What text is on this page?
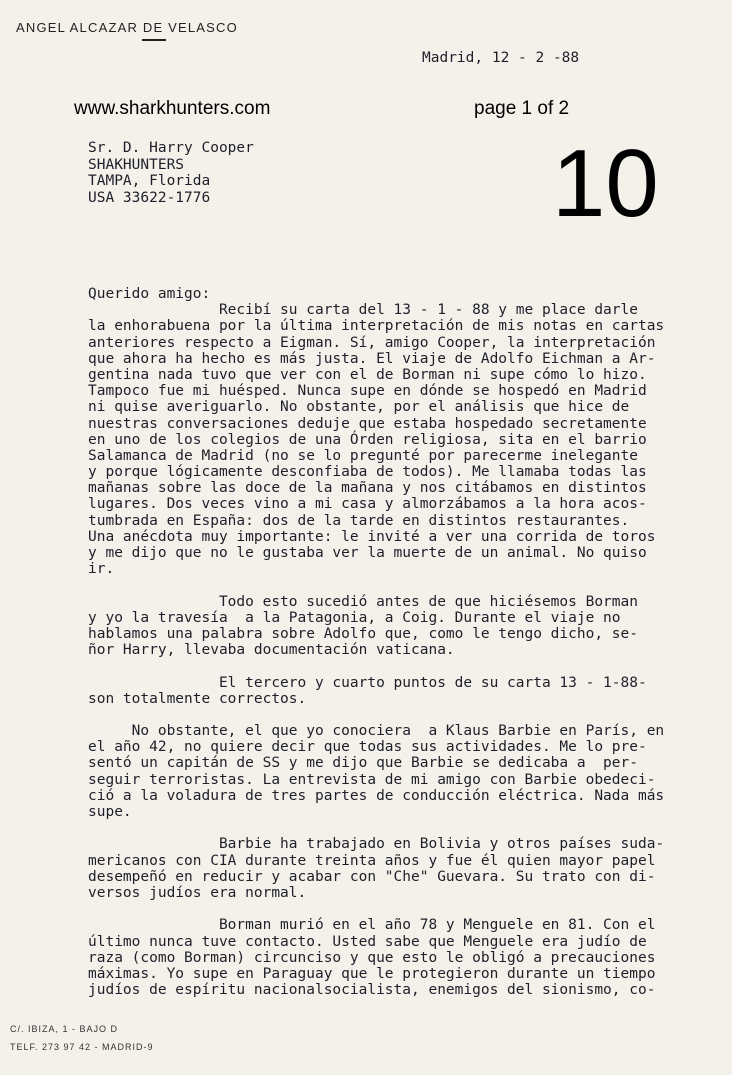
ANGEL ALCAZAR DE VELASCO
Madrid, 12 - 2 -88
www.sharkhunters.com	page 1 of 2
10
Sr. D. Harry Cooper
SHAKHUNTERS
TAMPA, Florida
USA 33622-1776
Querido amigo:
Recibí su carta del 13 - 1 - 88 y me place darle
la enhorabuena por la última interpretación de mis notas en cartas
anteriores respecto a Eigman. Sí, amigo Cooper, la interpretación
que ahora ha hecho es más justa. El viaje de Adolfo Eichman a Ar-
gentina nada tuvo que ver con el de Borman ni supe cómo lo hizo.
Tampoco fue mi huésped. Nunca supe en dónde se hospedó en Madrid
ni quise averiguarlo. No obstante, por el análisis que hice de
nuestras conversaciones deduje que estaba hospedado secretamente
en uno de los colegios de una Órden religiosa, sita en el barrio
Salamanca de Madrid (no se lo pregunté por parecerme inelegante
y porque lógicamente desconfiaba de todos). Me llamaba todas las
mañanas sobre las doce de la mañana y nos citábamos en distintos
lugares. Dos veces vino a mi casa y almorzábamos a la hora acos-
tumbrada en España: dos de la tarde en distintos restaurantes.
Una anécdota muy importante: le invité a ver una corrida de toros
y me dijo que no le gustaba ver la muerte de un animal. No quiso
ir.
Todo esto sucedió antes de que hiciésemos Borman
y yo la travesía  a la Patagonia, a Coig. Durante el viaje no
hablamos una palabra sobre Adolfo que, como le tengo dicho, se-
ñor Harry, llevaba documentación vaticana.
El tercero y cuarto puntos de su carta 13 - 1-88-
son totalmente correctos.
No obstante, el que yo conociera  a Klaus Barbie en París, en
el año 42, no quiere decir que todas sus actividades. Me lo pre-
sentó un capitán de SS y me dijo que Barbie se dedicaba a  per-
seguir terroristas. La entrevista de mi amigo con Barbie obedeci-
ció a la voladura de tres partes de conducción eléctrica. Nada más
supe.
Barbie ha trabajado en Bolivia y otros países suda-
mericanos con CIA durante treinta años y fue él quien mayor papel
desempeñó en reducir y acabar con "Che" Guevara. Su trato con di-
versos judíos era normal.
Borman murió en el año 78 y Menguele en 81. Con el
último nunca tuve contacto. Usted sabe que Menguele era judío de
raza (como Borman) circunciso y que esto le obligó a precauciones
máximas. Yo supe en Paraguay que le protegieron durante un tiempo
judíos de espíritu nacionalsocialista, enemigos del sionismo, co-
C/. IBIZA, 1 - BAJO D
TELF. 273 97 42 - MADRID-9
